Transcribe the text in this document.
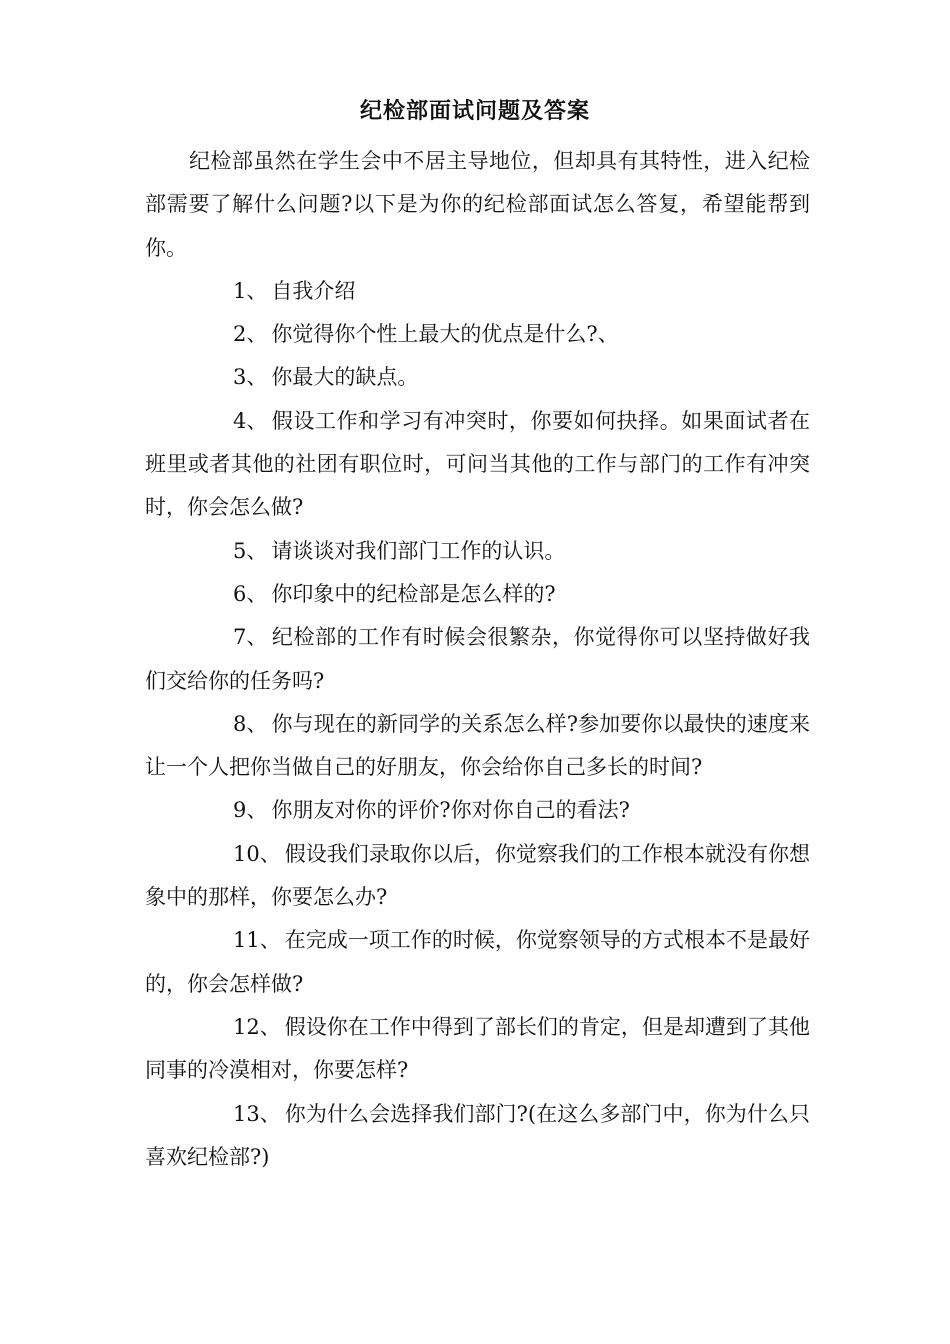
纪检部面试问题及答案

纪检部虽然在学生会中不居主导地位，但却具有其特性，进入纪检部需要了解什么问题?以下是为你的纪检部面试怎么答复，希望能帮到你。

1、 自我介绍

2、 你觉得你个性上最大的优点是什么?、

3、 你最大的缺点。

4、 假设工作和学习有冲突时，你要如何抉择。如果面试者在班里或者其他的社团有职位时，可问当其他的工作与部门的工作有冲突时，你会怎么做?

5、 请谈谈对我们部门工作的认识。

6、 你印象中的纪检部是怎么样的?

7、 纪检部的工作有时候会很繁杂，你觉得你可以坚持做好我们交给你的任务吗?

8、 你与现在的新同学的关系怎么样?参加要你以最快的速度来让一个人把你当做自己的好朋友，你会给你自己多长的时间?

9、 你朋友对你的评价?你对你自己的看法?

10、 假设我们录取你以后，你觉察我们的工作根本就没有你想象中的那样，你要怎么办?

11、 在完成一项工作的时候，你觉察领导的方式根本不是最好的，你会怎样做?

12、 假设你在工作中得到了部长们的肯定，但是却遭到了其他同事的冷漠相对，你要怎样?

13、 你为什么会选择我们部门?(在这么多部门中，你为什么只喜欢纪检部?)
